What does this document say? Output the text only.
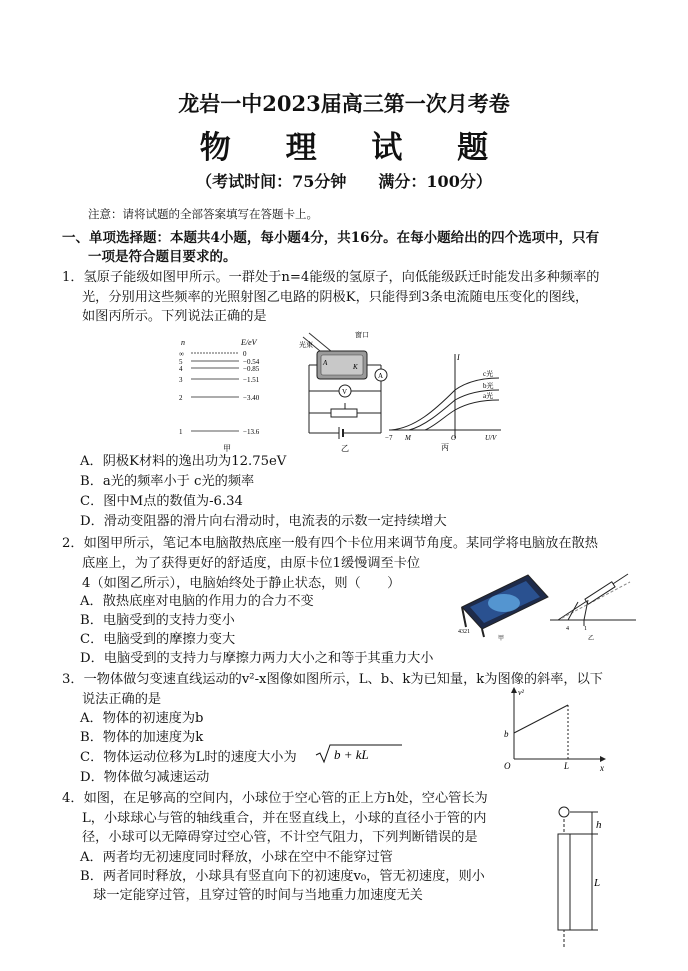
龙岩一中2023届高三第一次月考卷
物 理 试 题
（考试时间：75分钟　　满分：100分）
注意：请将试题的全部答案填写在答题卡上。
一、单项选择题：本题共4小题，每小题4分，共16分。在每小题给出的四个选项中，只有
一项是符合题目要求的。
1．氢原子能级如图甲所示。一群处于n=4能级的氢原子，向低能级跃迁时能发出多种频率的
光，分别用这些频率的光照射图乙电路的阴极K，只能得到3条电流随电压变化的图线，
如图丙所示。下列说法正确的是
n	E/eV
∞	0
5	−0.54
4	−0.85
3	−1.51
2	−3.40
1	−13.6
甲
光束
窗口
A	K
A
V
乙
I
c光
b光
a光
−7 M	O	U/V
丙
A．阴极K材料的逸出功为12.75eV
B．a光的频率小于 c光的频率
C．图中M点的数值为-6.34
D．滑动变阻器的滑片向右滑动时，电流表的示数一定持续增大
2．如图甲所示，笔记本电脑散热底座一般有四个卡位用来调节角度。某同学将电脑放在散热
底座上，为了获得更好的舒适度，由原卡位1缓慢调至卡位
4（如图乙所示），电脑始终处于静止状态，则（　　）
4321
甲
4	1
乙
A．散热底座对电脑的作用力的合力不变
B．电脑受到的支持力变小
C．电脑受到的摩擦力变大
D．电脑受到的支持力与摩擦力两力大小之和等于其重力大小
3．一物体做匀变速直线运动的v²-x图像如图所示，L、b、k为已知量，k为图像的斜率，以下
说法正确的是
A．物体的初速度为b
B．物体的加速度为k
C．物体运动位移为L时的速度大小为	b + kL
D．物体做匀减速运动
v²
b
O	L	x
4．如图，在足够高的空间内，小球位于空心管的正上方h处，空心管长为
L，小球球心与管的轴线重合，并在竖直线上，小球的直径小于管的内
径，小球可以无障碍穿过空心管，不计空气阻力，下列判断错误的是
A．两者均无初速度同时释放，小球在空中不能穿过管
B．两者同时释放，小球具有竖直向下的初速度v₀，管无初速度，则小
　球一定能穿过管，且穿过管的时间与当地重力加速度无关
h
L
